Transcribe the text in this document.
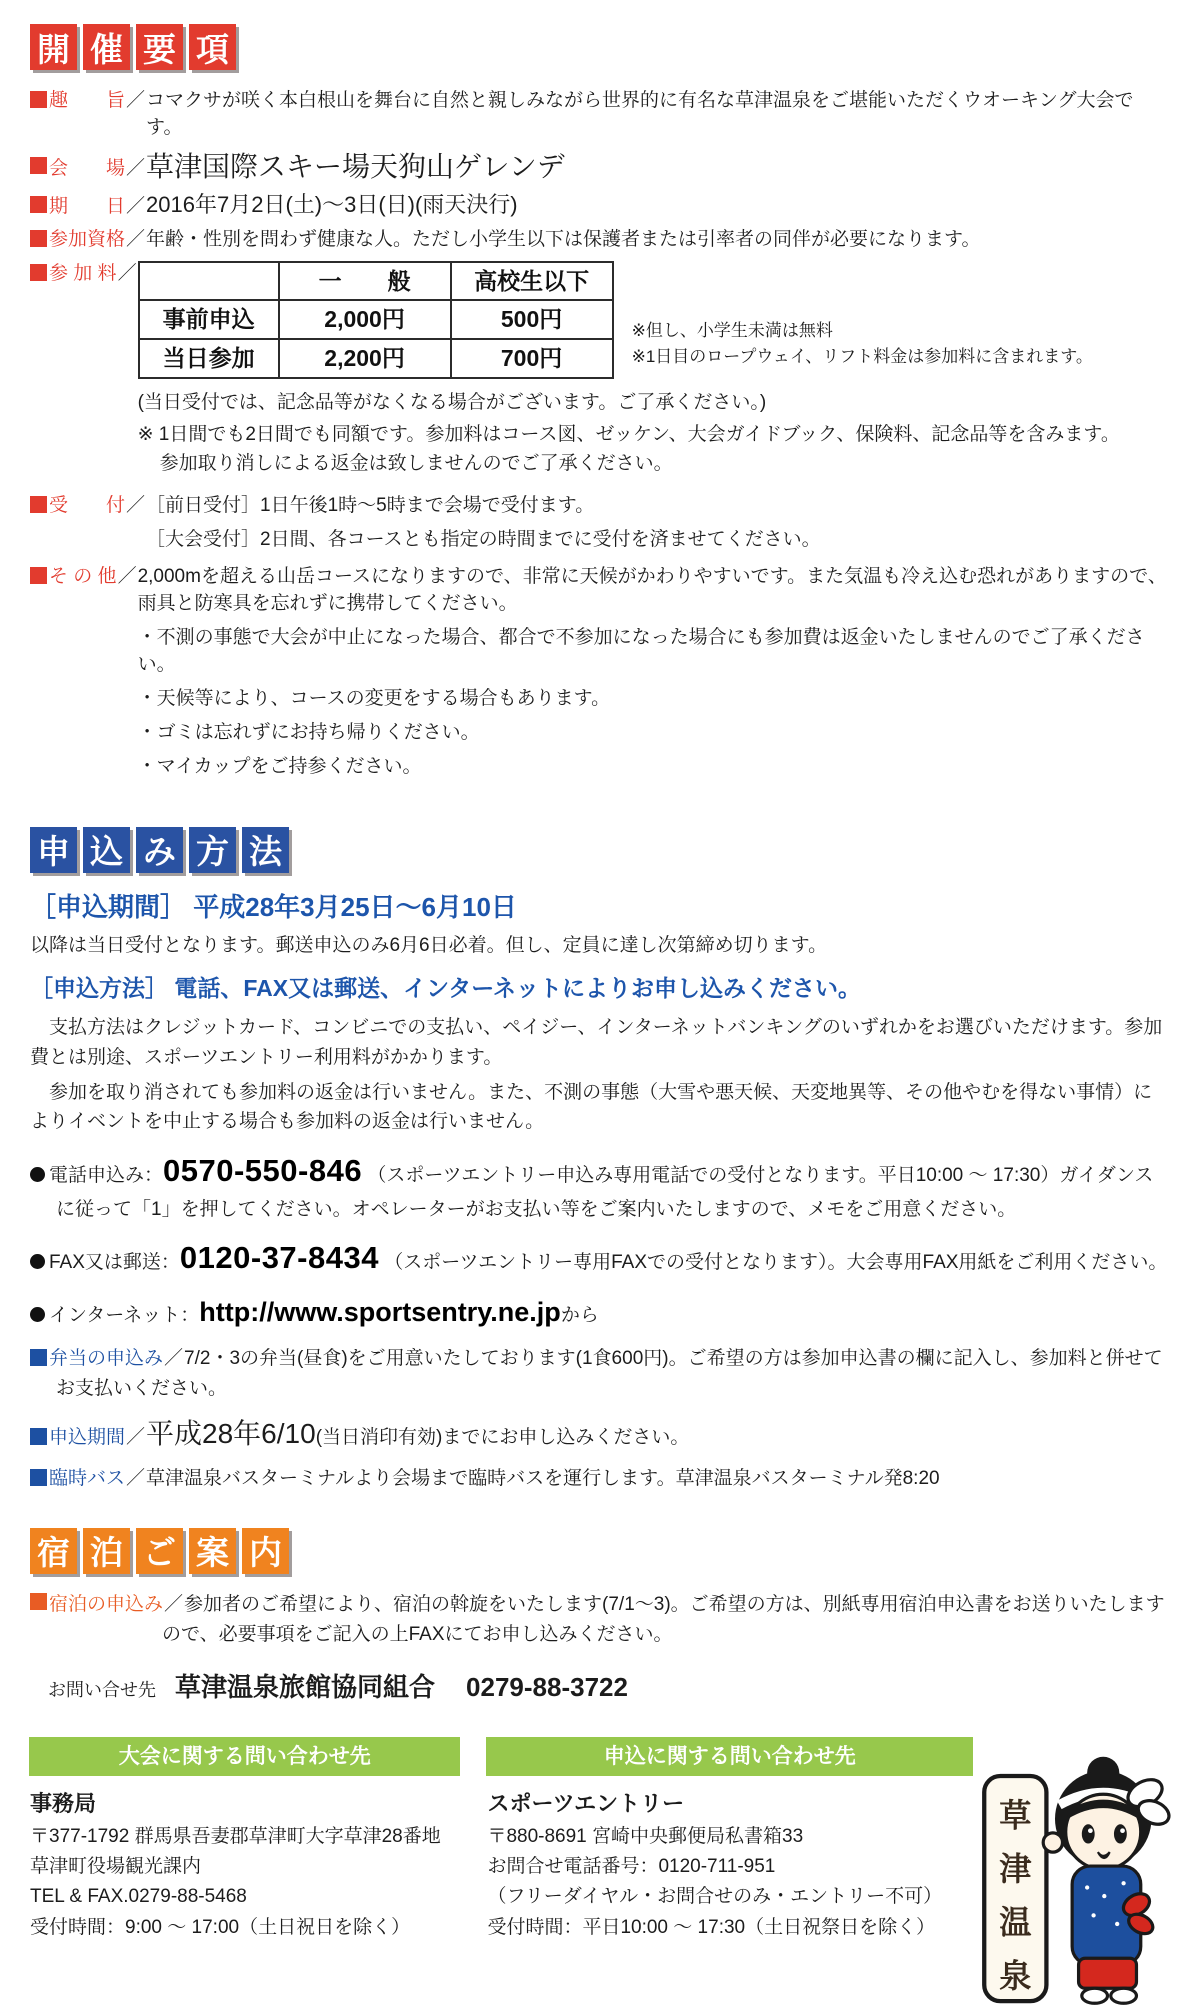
開 催 要 項
趣　　旨 ／ コマクサが咲く本白根山を舞台に自然と親しみながら世界的に有名な草津温泉をご堪能いただくウオーキング大会です。
会　　場 ／ 草津国際スキー場天狗山ゲレンデ
期　　日 ／ 2016年7月2日(土)～3日(日)(雨天決行)
参加資格 ／ 年齢・性別を問わず健康な人。ただし小学生以下は保護者または引率者の同伴が必要になります。
参 加 料 ／
		一　　般	高校生以下
事前申込	2,000円	500円
当日参加	2,200円	700円
※但し、小学生未満は無料
※1日目のロープウェイ、リフト料金は参加料に含まれます。
(当日受付では、記念品等がなくなる場合がございます。ご了承ください。)
※ 1日間でも2日間でも同額です。参加料はコース図、ゼッケン、大会ガイドブック、保険料、記念品等を含みます。
参加取り消しによる返金は致しませんのでご了承ください。
受　　付 ／ ［前日受付］1日午後1時～5時まで会場で受付ます。
［大会受付］2日間、各コースとも指定の時間までに受付を済ませてください。
そ の 他 ／ 2,000mを超える山岳コースになりますので、非常に天候がかわりやすいです。また気温も冷え込む恐れがありますので、雨具と防寒具を忘れずに携帯してください。
・不測の事態で大会が中止になった場合、都合で不参加になった場合にも参加費は返金いたしませんのでご了承ください。
・天候等により、コースの変更をする場合もあります。
・ゴミは忘れずにお持ち帰りください。
・マイカップをご持参ください。
申 込 み 方 法
［申込期間］ 平成28年3月25日～6月10日

以降は当日受付となります。郵送申込のみ6月6日必着。但し、定員に達し次第締め切ります。

［申込方法］ 電話、FAX又は郵送、インターネットによりお申し込みください。

支払方法はクレジットカード、コンビニでの支払い、ペイジー、インターネットバンキングのいずれかをお選びいただけます。参加費とは別途、スポーツエントリー利用料がかかります。

参加を取り消されても参加料の返金は行いません。また、不測の事態（大雪や悪天候、天変地異等、その他やむを得ない事情）によりイベントを中止する場合も参加料の返金は行いません。

電話申込み：0570-550-846 （スポーツエントリー申込み専用電話での受付となります。平日10:00 ～ 17:30）ガイダンスに従って「1」を押してください。オペレーターがお支払い等をご案内いたしますので、メモをご用意ください。

FAX又は郵送：0120-37-8434 （スポーツエントリー専用FAXでの受付となります）。大会専用FAX用紙をご利用ください。

インターネット：http://www.sportsentry.ne.jpから

弁当の申込み／7/2・3の弁当(昼食)をご用意いたしております(1食600円)。ご希望の方は参加申込書の欄に記入し、参加料と併せてお支払いください。

申込期間／平成28年6/10(当日消印有効)までにお申し込みください。

臨時バス／草津温泉バスターミナルより会場まで臨時バスを運行します。草津温泉バスターミナル発8:20

宿 泊 ご 案 内

宿泊の申込み／参加者のご希望により、宿泊の斡旋をいたします(7/1～3)。ご希望の方は、別紙専用宿泊申込書をお送りいたしますので、必要事項をご記入の上FAXにてお申し込みください。

お問い合せ先 草津温泉旅館協同組合 0279-88-3722
大会に関する問い合わせ先
事務局
〒377-1792 群馬県吾妻郡草津町大字草津28番地
草津町役場観光課内
TEL & FAX.0279-88-5468
受付時間：9:00 ～ 17:00（土日祝日を除く）
申込に関する問い合わせ先
スポーツエントリー
〒880-8691 宮崎中央郵便局私書箱33
お問合せ電話番号：0120-711-951
（フリーダイヤル・お問合せのみ・エントリー不可）
受付時間：平日10:00 ～ 17:30（土日祝祭日を除く）
草
津
温
泉
